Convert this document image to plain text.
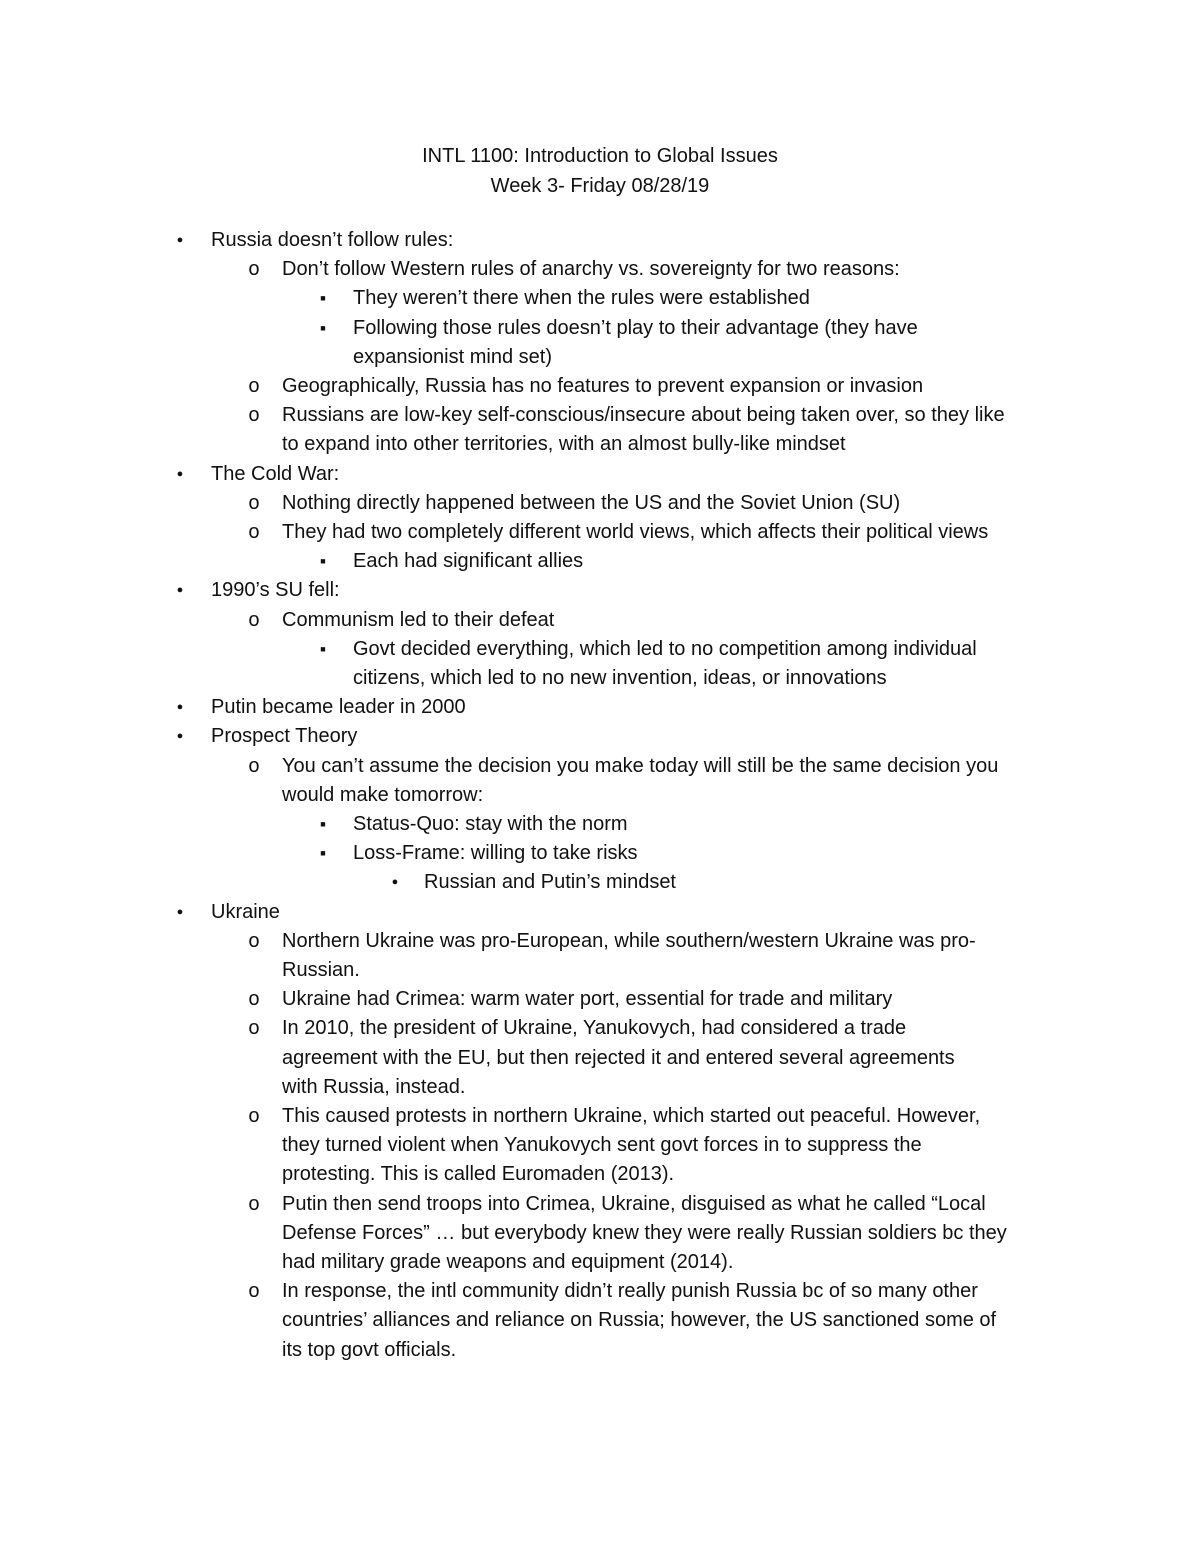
INTL 1100: Introduction to Global Issues
Week 3- Friday 08/28/19
●
Russia doesn’t follow rules:
o
Don’t follow Western rules of anarchy vs. sovereignty for two reasons:
■
They weren’t there when the rules were established
■
Following those rules doesn’t play to their advantage (they have
expansionist mind set)
o
Geographically, Russia has no features to prevent expansion or invasion
o
Russians are low-key self-conscious/insecure about being taken over, so they like
to expand into other territories, with an almost bully-like mindset
●
The Cold War:
o
Nothing directly happened between the US and the Soviet Union (SU)
o
They had two completely different world views, which affects their political views
■
Each had significant allies
●
1990’s SU fell:
o
Communism led to their defeat
■
Govt decided everything, which led to no competition among individual
citizens, which led to no new invention, ideas, or innovations
●
Putin became leader in 2000
●
Prospect Theory
o
You can’t assume the decision you make today will still be the same decision you
would make tomorrow:
■
Status-Quo: stay with the norm
■
Loss-Frame: willing to take risks
●
Russian and Putin’s mindset
●
Ukraine
o
Northern Ukraine was pro-European, while southern/western Ukraine was pro-
Russian.
o
Ukraine had Crimea: warm water port, essential for trade and military
o
In 2010, the president of Ukraine, Yanukovych, had considered a trade
agreement with the EU, but then rejected it and entered several agreements
with Russia, instead.
o
This caused protests in northern Ukraine, which started out peaceful. However,
they turned violent when Yanukovych sent govt forces in to suppress the
protesting. This is called Euromaden (2013).
o
Putin then send troops into Crimea, Ukraine, disguised as what he called “Local
Defense Forces” … but everybody knew they were really Russian soldiers bc they
had military grade weapons and equipment (2014).
o
In response, the intl community didn’t really punish Russia bc of so many other
countries’ alliances and reliance on Russia; however, the US sanctioned some of
its top govt officials.
